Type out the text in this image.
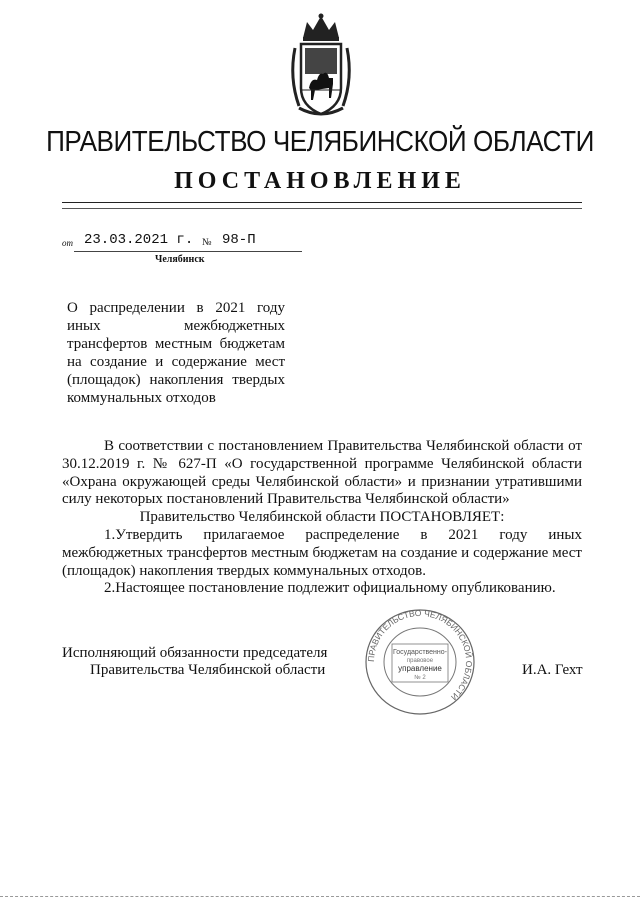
ПРАВИТЕЛЬСТВО ЧЕЛЯБИНСКОЙ ОБЛАСТИ
ПОСТАНОВЛЕНИЕ
от 23.03.2021 г. № 98-П
Челябинск
О распределении в 2021 году иных межбюджетных трансфертов местным бюджетам на создание и содержание мест (площадок) накопления твердых коммунальных отходов
В соответствии с постановлением Правительства Челябинской области от 30.12.2019 г. № 627-П «О государственной программе Челябинской области «Охрана окружающей среды Челябинской области» и признании утратившими силу некоторых постановлений Правительства Челябинской области»
Правительство Челябинской области ПОСТАНОВЛЯЕТ:
1.Утвердить прилагаемое распределение в 2021 году иных межбюджетных трансфертов местным бюджетам на создание и содержание мест (площадок) накопления твердых коммунальных отходов.
2.Настоящее постановление подлежит официальному опубликованию.
Исполняющий обязанности председателя
Правительства Челябинской области	И.А. Гехт
ПРАВИТЕЛЬСТВО ЧЕЛЯБИНСКОЙ ОБЛАСТИ
Государственно-
правовое
управление
№ 2
